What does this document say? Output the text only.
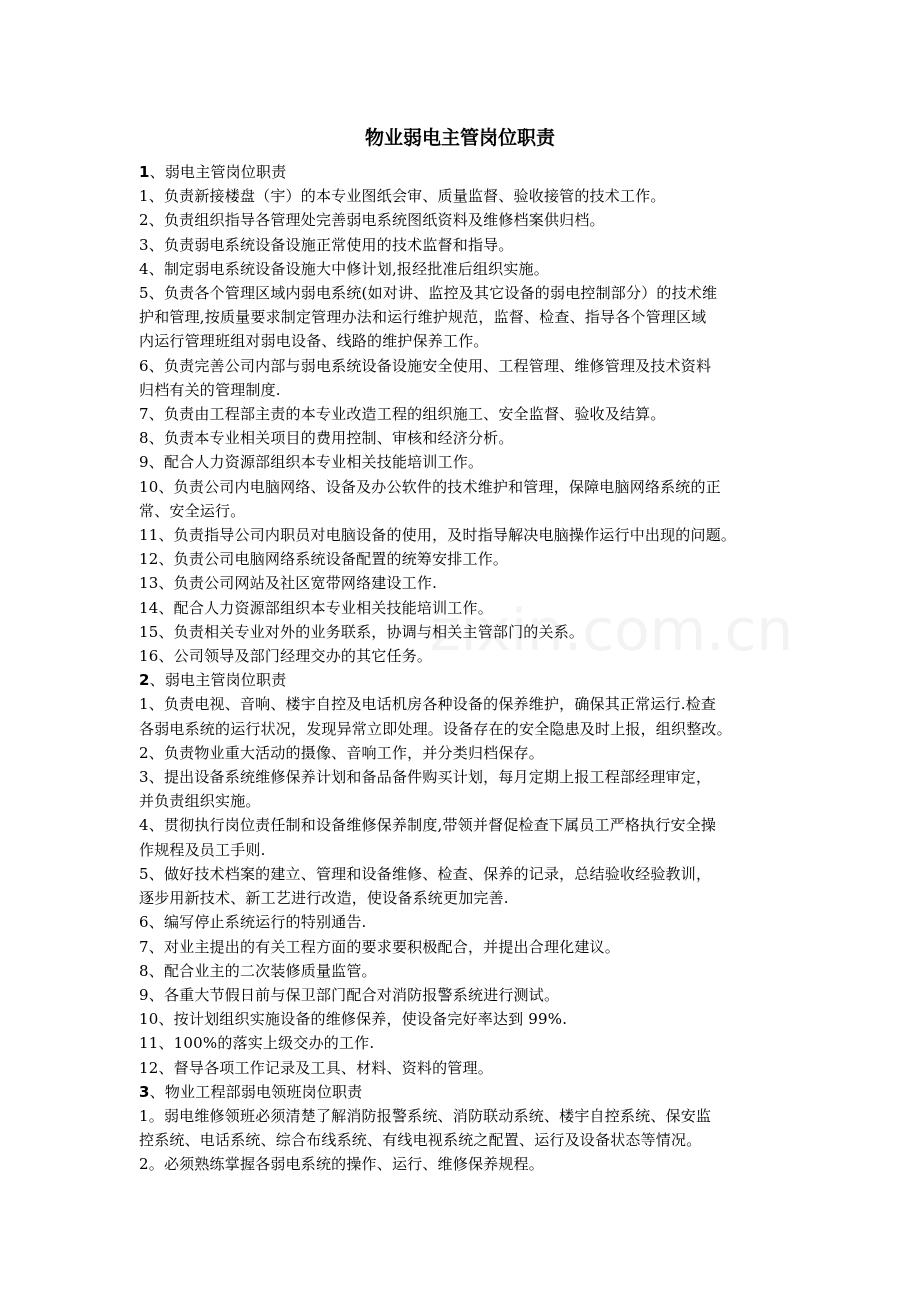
物业弱电主管岗位职责
1、弱电主管岗位职责
1、负责新接楼盘（宇）的本专业图纸会审、质量监督、验收接管的技术工作。
2、负责组织指导各管理处完善弱电系统图纸资料及维修档案供归档。
3、负责弱电系统设备设施正常使用的技术监督和指导。
4、制定弱电系统设备设施大中修计划,报经批准后组织实施。
5、负责各个管理区域内弱电系统(如对讲、监控及其它设备的弱电控制部分）的技术维
护和管理,按质量要求制定管理办法和运行维护规范，监督、检查、指导各个管理区域
内运行管理班组对弱电设备、线路的维护保养工作。
6、负责完善公司内部与弱电系统设备设施安全使用、工程管理、维修管理及技术资料
归档有关的管理制度.
7、负责由工程部主责的本专业改造工程的组织施工、安全监督、验收及结算。
8、负责本专业相关项目的费用控制、审核和经济分析。
9、配合人力资源部组织本专业相关技能培训工作。
10、负责公司内电脑网络、设备及办公软件的技术维护和管理，保障电脑网络系统的正
常、安全运行。
11、负责指导公司内职员对电脑设备的使用，及时指导解决电脑操作运行中出现的问题。
12、负责公司电脑网络系统设备配置的统筹安排工作。
13、负责公司网站及社区宽带网络建设工作.
14、配合人力资源部组织本专业相关技能培训工作。
15、负责相关专业对外的业务联系，协调与相关主管部门的关系。
16、公司领导及部门经理交办的其它任务。
2、弱电主管岗位职责
1、负责电视、音响、楼宇自控及电话机房各种设备的保养维护，确保其正常运行.检查
各弱电系统的运行状况，发现异常立即处理。设备存在的安全隐患及时上报，组织整改。
2、负责物业重大活动的摄像、音响工作，并分类归档保存。
3、提出设备系统维修保养计划和备品备件购买计划，每月定期上报工程部经理审定，
并负责组织实施。
4、贯彻执行岗位责任制和设备维修保养制度,带领并督促检查下属员工严格执行安全操
作规程及员工手则.
5、做好技术档案的建立、管理和设备维修、检查、保养的记录，总结验收经验教训，
逐步用新技术、新工艺进行改造，使设备系统更加完善.
6、编写停止系统运行的特别通告.
7、对业主提出的有关工程方面的要求要积极配合，并提出合理化建议。
8、配合业主的二次装修质量监管。
9、各重大节假日前与保卫部门配合对消防报警系统进行测试。
10、按计划组织实施设备的维修保养，使设备完好率达到 99%.
11、100%的落实上级交办的工作.
12、督导各项工作记录及工具、材料、资料的管理。
3、物业工程部弱电领班岗位职责
1。弱电维修领班必须清楚了解消防报警系统、消防联动系统、楼宇自控系统、保安监
控系统、电话系统、综合布线系统、有线电视系统之配置、运行及设备状态等情况。
2。必须熟练掌握各弱电系统的操作、运行、维修保养规程。
